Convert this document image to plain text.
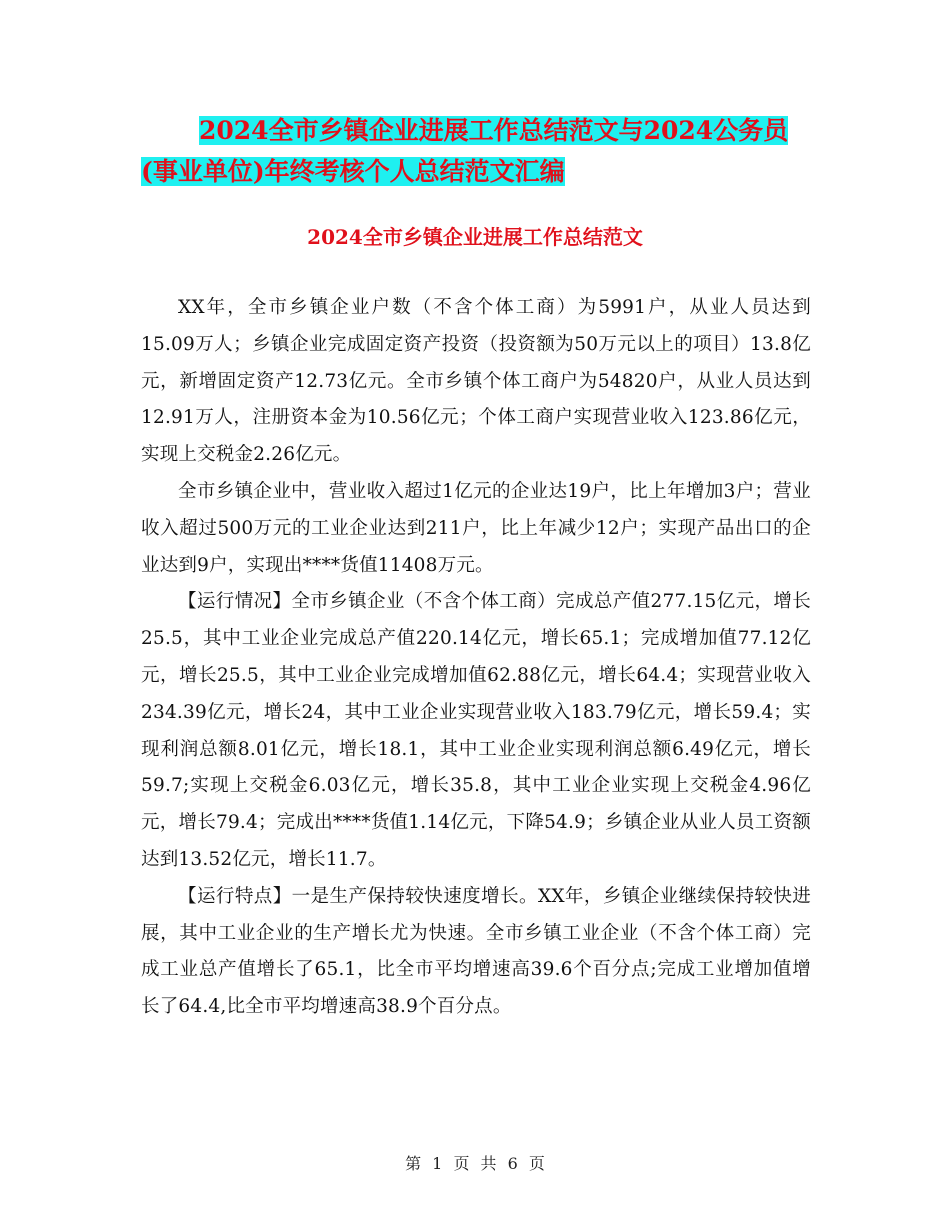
2024全市乡镇企业进展工作总结范文与2024公务员(事业单位)年终考核个人总结范文汇编
2024全市乡镇企业进展工作总结范文

XX年，全市乡镇企业户数（不含个体工商）为5991户，从业人员达到15.09万人；乡镇企业完成固定资产投资（投资额为50万元以上的项目）13.8亿元，新增固定资产12.73亿元。全市乡镇个体工商户为54820户，从业人员达到12.91万人，注册资本金为10.56亿元；个体工商户实现营业收入123.86亿元，实现上交税金2.26亿元。

全市乡镇企业中，营业收入超过1亿元的企业达19户，比上年增加3户；营业收入超过500万元的工业企业达到211户，比上年减少12户；实现产品出口的企业达到9户，实现出****货值11408万元。

【运行情况】全市乡镇企业（不含个体工商）完成总产值277.15亿元，增长25.5，其中工业企业完成总产值220.14亿元，增长65.1；完成增加值77.12亿元，增长25.5，其中工业企业完成增加值62.88亿元，增长64.4；实现营业收入234.39亿元，增长24，其中工业企业实现营业收入183.79亿元，增长59.4；实现利润总额8.01亿元，增长18.1，其中工业企业实现利润总额6.49亿元，增长59.7;实现上交税金6.03亿元，增长35.8，其中工业企业实现上交税金4.96亿元，增长79.4；完成出****货值1.14亿元，下降54.9；乡镇企业从业人员工资额达到13.52亿元，增长11.7。

【运行特点】一是生产保持较快速度增长。XX年，乡镇企业继续保持较快进展，其中工业企业的生产增长尤为快速。全市乡镇工业企业（不含个体工商）完成工业总产值增长了65.1，比全市平均增速高39.6个百分点;完成工业增加值增长了64.4,比全市平均增速高38.9个百分点。

第 1 页 共 6 页
